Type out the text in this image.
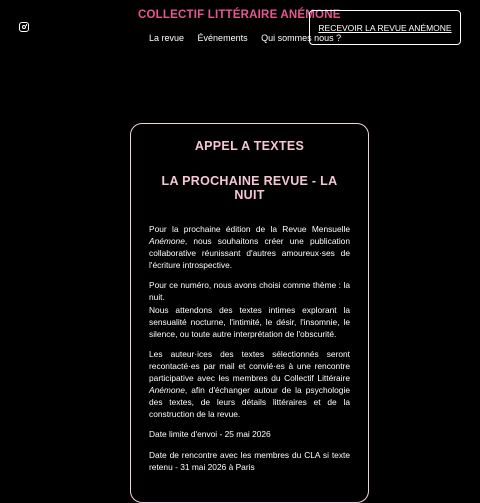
COLLECTIF LITTÉRAIRE ANÉMONE
La revue Événements Qui sommes nous ?
RECEVOIR LA REVUE ANÉMONE
APPEL A TEXTES
LA PROCHAINE REVUE - LA NUIT

Pour la prochaine édition de la Revue Mensuelle Anémone, nous souhaitons créer une publication collaborative réunissant d'autres amoureux·ses de l'écriture introspective.

Pour ce numéro, nous avons choisi comme thème : la nuit.
Nous attendons des textes intimes explorant la sensualité nocturne, l'intimité, le désir, l'insomnie, le silence, ou toute autre interprétation de l'obscurité.

Les auteur·ices des textes sélectionnés seront recontacté·es par mail et convié·es à une rencontre participative avec les membres du Collectif Littéraire Anémone, afin d'échanger autour de la psychologie des textes, de leurs détails littéraires et de la construction de la revue.

Date limite d'envoi - 25 mai 2026

Date de rencontre avec les membres du CLA si texte retenu - 31 mai 2026 à Paris
